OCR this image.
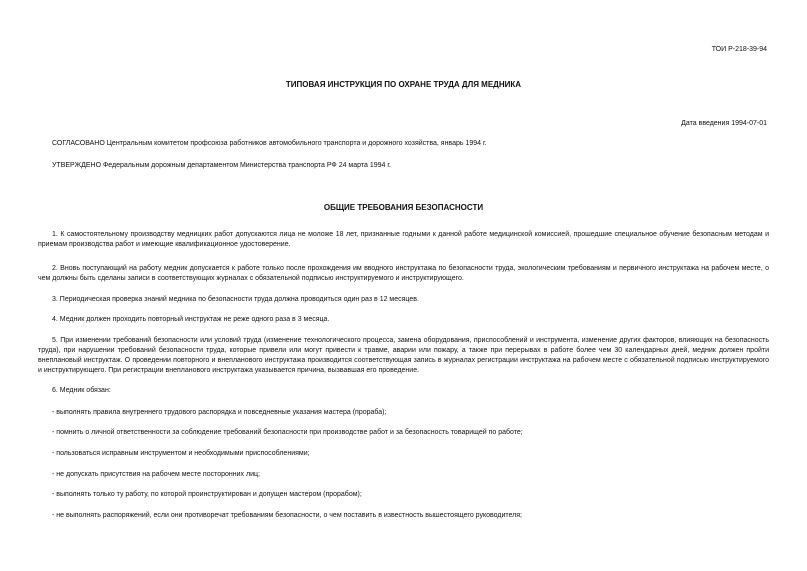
ТОИ Р-218-39-94
ТИПОВАЯ ИНСТРУКЦИЯ ПО ОХРАНЕ ТРУДА ДЛЯ МЕДНИКА
Дата введения 1994-07-01
СОГЛАСОВАНО Центральным комитетом профсоюза работников автомобильного транспорта и дорожного хозяйства, январь 1994 г.
УТВЕРЖДЕНО Федеральным дорожным департаментом Министерства транспорта РФ 24 марта 1994 г.
ОБЩИЕ ТРЕБОВАНИЯ БЕЗОПАСНОСТИ
1. К самостоятельному производству медницких работ допускаются лица не моложе 18 лет, признанные годными к данной работе медицинской комиссией, прошедшие специальное обучение безопасным методам и приемам производства работ и имеющие квалификационное удостоверение.
2. Вновь поступающий на работу медник допускается к работе только после прохождения им вводного инструктажа по безопасности труда, экологическим требованиям и первичного инструктажа на рабочем месте, о чем должны быть сделаны записи в соответствующих журналах с обязательной подписью инструктируемого и инструктирующего.
3. Периодическая проверка знаний медника по безопасности труда должна проводиться один раз в 12 месяцев.
4. Медник должен проходить повторный инструктаж не реже одного раза в 3 месяца.
5. При изменении требований безопасности или условий труда (изменение технологического процесса, замена оборудования, приспособлений и инструмента, изменение других факторов, влияющих на безопасность труда), при нарушении требований безопасности труда, которые привели или могут привести к травме, аварии или пожару, а также при перерывах в работе более чем 30 календарных дней, медник должен пройти внеплановый инструктаж. О проведении повторного и внепланового инструктажа производится соответствующая запись в журналах регистрации инструктажа на рабочем месте с обязательной подписью инструктируемого и инструктирующего. При регистрации внепланового инструктажа указывается причина, вызвавшая его проведение.
6. Медник обязан:
- выполнять правила внутреннего трудового распорядка и повседневные указания мастера (прораба);
- помнить о личной ответственности за соблюдение требований безопасности при производстве работ и за безопасность товарищей по работе;
- пользоваться исправным инструментом и необходимыми приспособлениями;
- не допускать присутствия на рабочем месте посторонних лиц;
- выполнять только ту работу, по которой проинструктирован и допущен мастером (прорабом);
- не выполнять распоряжений, если они противоречат требованиям безопасности, о чем поставить в известность вышестоящего руководителя;
